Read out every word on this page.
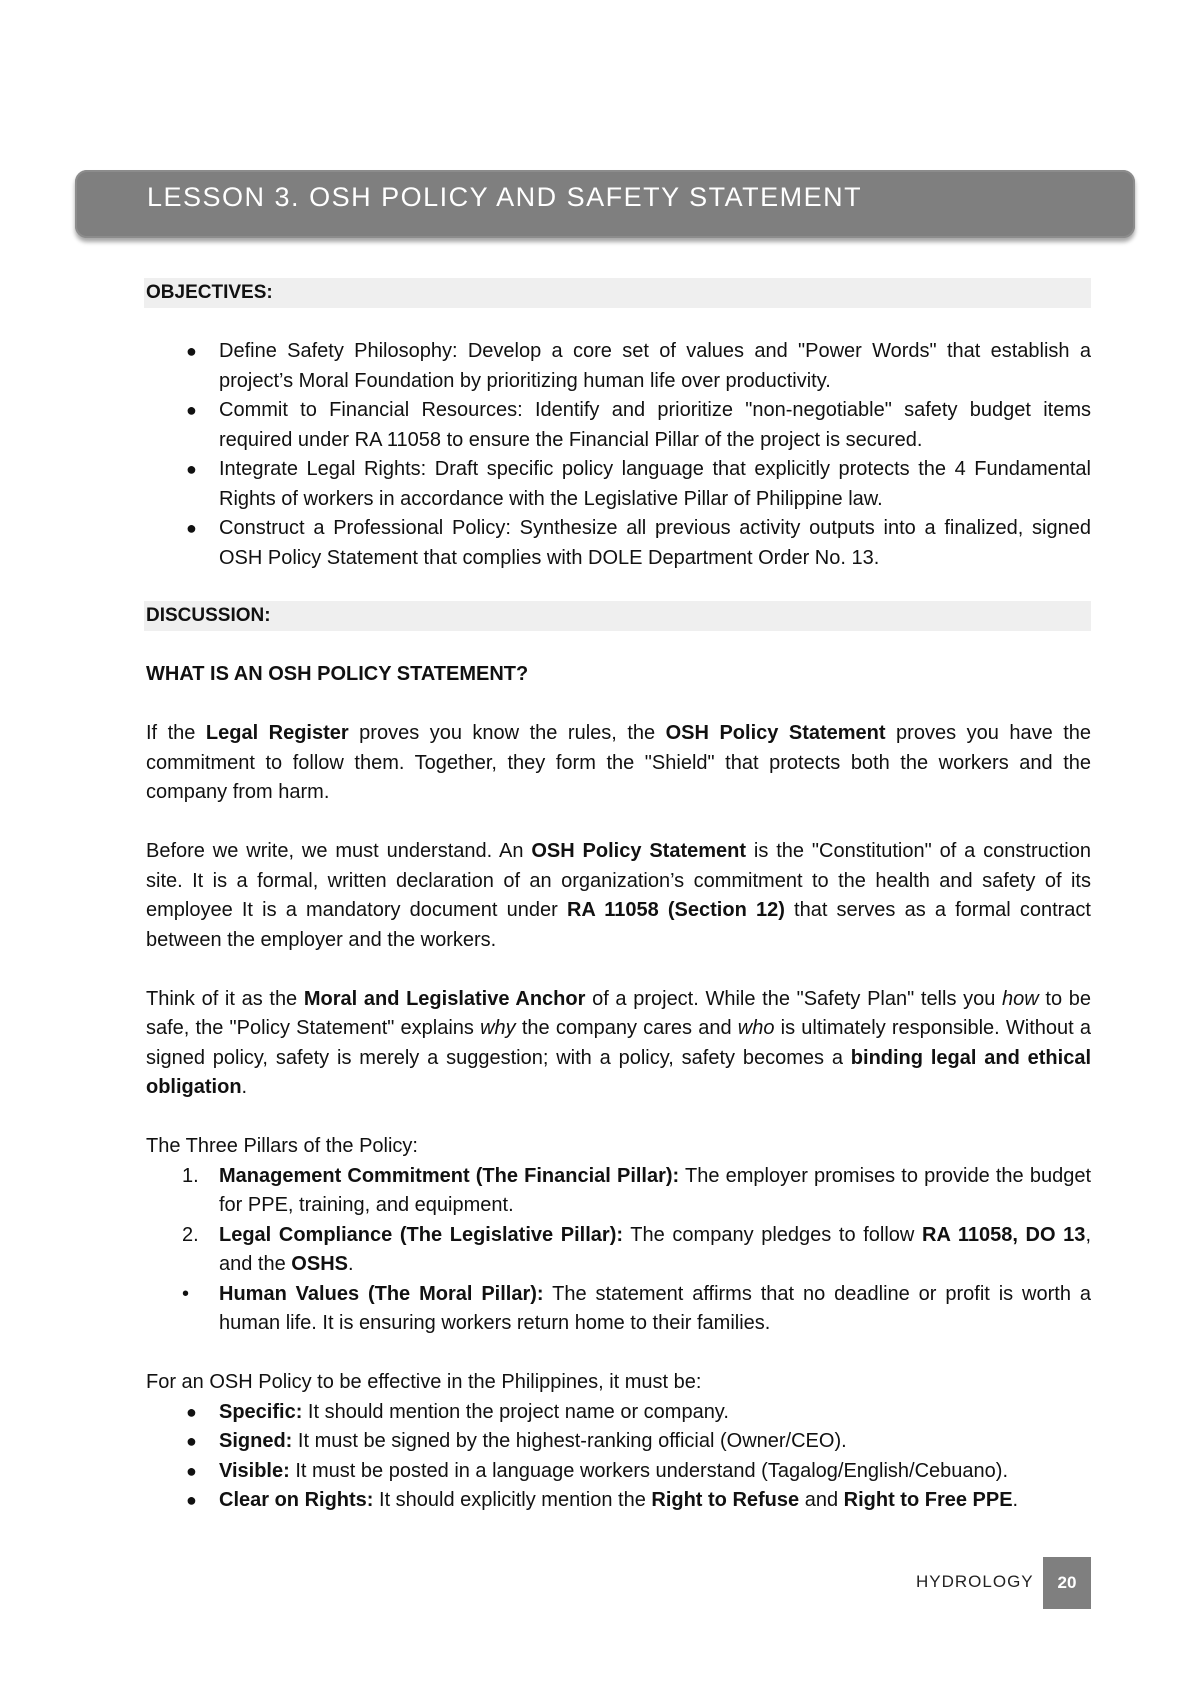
LESSON 3. OSH POLICY AND SAFETY STATEMENT
OBJECTIVES:
● Define Safety Philosophy: Develop a core set of values and "Power Words" that establish a project’s Moral Foundation by prioritizing human life over productivity.
● Commit to Financial Resources: Identify and prioritize "non-negotiable" safety budget items required under RA 11058 to ensure the Financial Pillar of the project is secured.
● Integrate Legal Rights: Draft specific policy language that explicitly protects the 4 Fundamental Rights of workers in accordance with the Legislative Pillar of Philippine law.
● Construct a Professional Policy: Synthesize all previous activity outputs into a finalized, signed OSH Policy Statement that complies with DOLE Department Order No. 13.
DISCUSSION:

WHAT IS AN OSH POLICY STATEMENT?

If the Legal Register proves you know the rules, the OSH Policy Statement proves you have the commitment to follow them. Together, they form the "Shield" that protects both the workers and the company from harm.

Before we write, we must understand. An OSH Policy Statement is the "Constitution" of a construction site. It is a formal, written declaration of an organization’s commitment to the health and safety of its employee It is a mandatory document under RA 11058 (Section 12) that serves as a formal contract between the employer and the workers.

Think of it as the Moral and Legislative Anchor of a project. While the "Safety Plan" tells you how to be safe, the "Policy Statement" explains why the company cares and who is ultimately responsible. Without a signed policy, safety is merely a suggestion; with a policy, safety becomes a binding legal and ethical obligation.

The Three Pillars of the Policy:

1. Management Commitment (The Financial Pillar): The employer promises to provide the budget for PPE, training, and equipment.
2. Legal Compliance (The Legislative Pillar): The company pledges to follow RA 11058, DO 13, and the OSHS.
• Human Values (The Moral Pillar): The statement affirms that no deadline or profit is worth a human life. It is ensuring workers return home to their families.

For an OSH Policy to be effective in the Philippines, it must be:

● Specific: It should mention the project name or company.
● Signed: It must be signed by the highest-ranking official (Owner/CEO).
● Visible: It must be posted in a language workers understand (Tagalog/English/Cebuano).
● Clear on Rights: It should explicitly mention the Right to Refuse and Right to Free PPE.
HYDROLOGY	20
